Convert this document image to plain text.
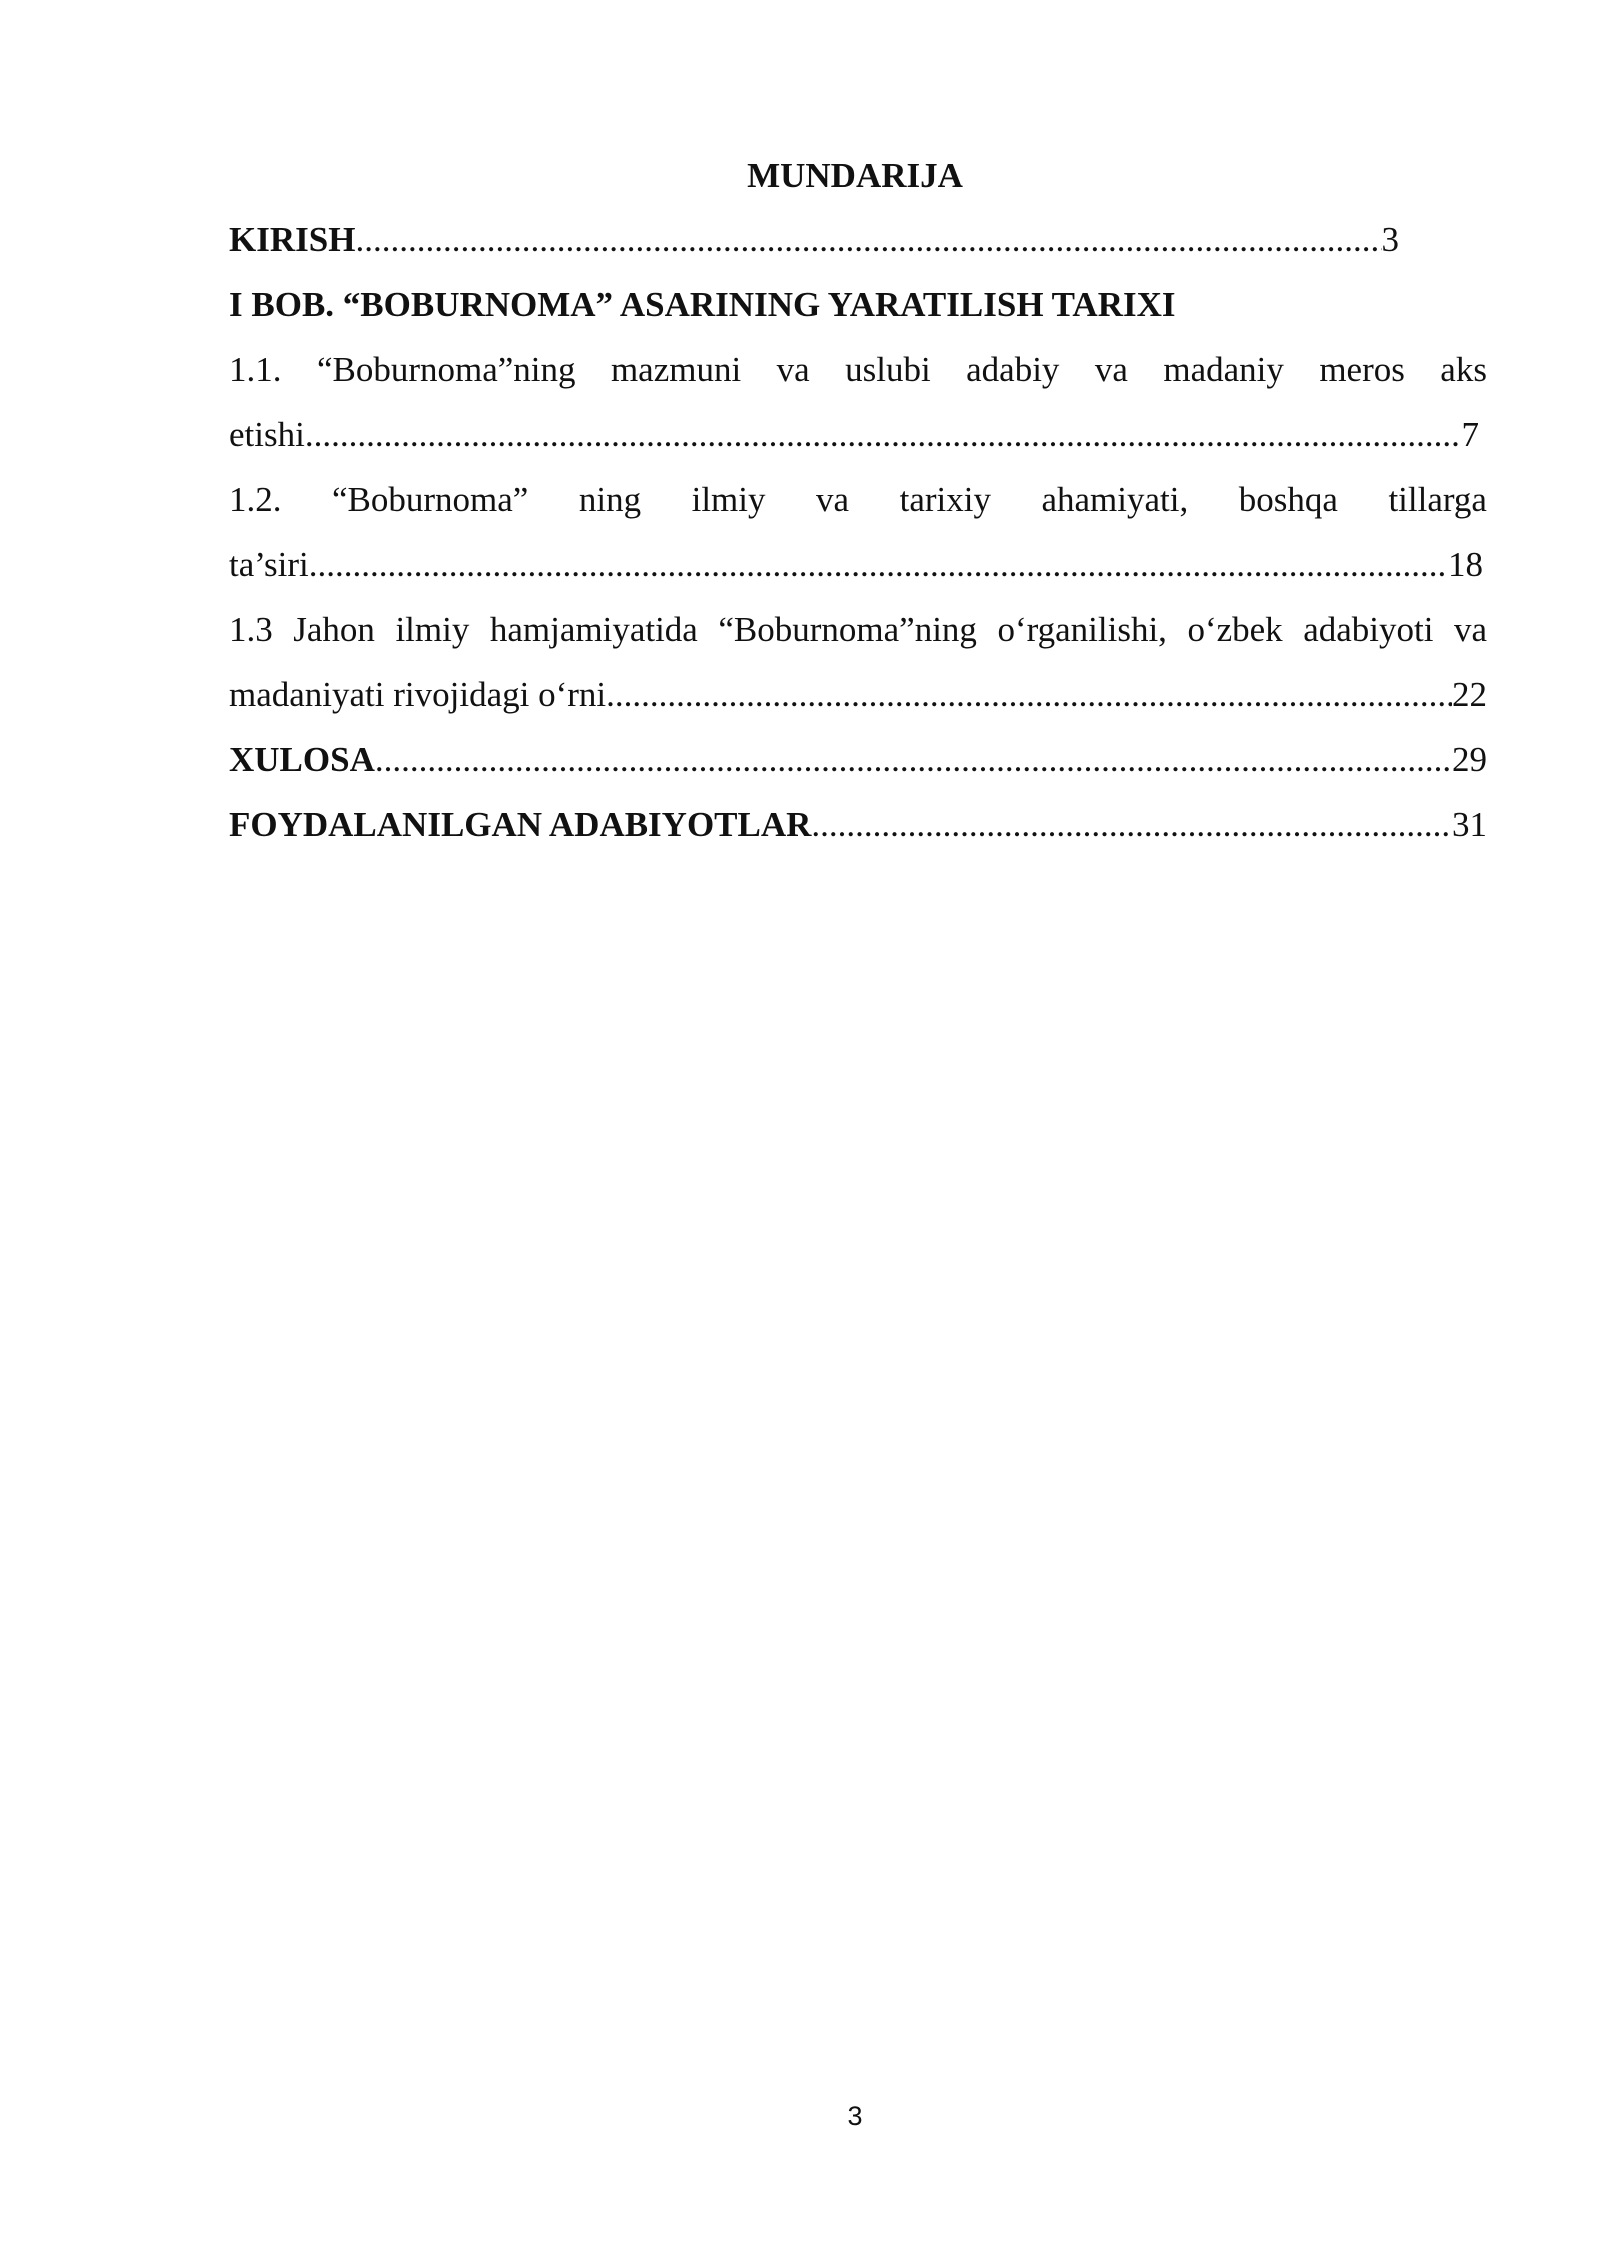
MUNDARIJA
KIRISH .....	3
I BOB. “BOBURNOMA” ASARINING YARATILISH TARIXI
1.1. “Boburnoma”ning mazmuni va uslubi adabiy va madaniy meros aks
etishi .....	7
1.2. “Boburnoma” ning ilmiy va tarixiy ahamiyati, boshqa tillarga
ta’siri .....	18
1.3 Jahon ilmiy hamjamiyatida “Boburnoma”ning o‘rganilishi, o‘zbek adabiyoti va
madaniyati rivojidagi o‘rni .....	22
XULOSA .....	29
FOYDALANILGAN ADABIYOTLAR .....	31
3
